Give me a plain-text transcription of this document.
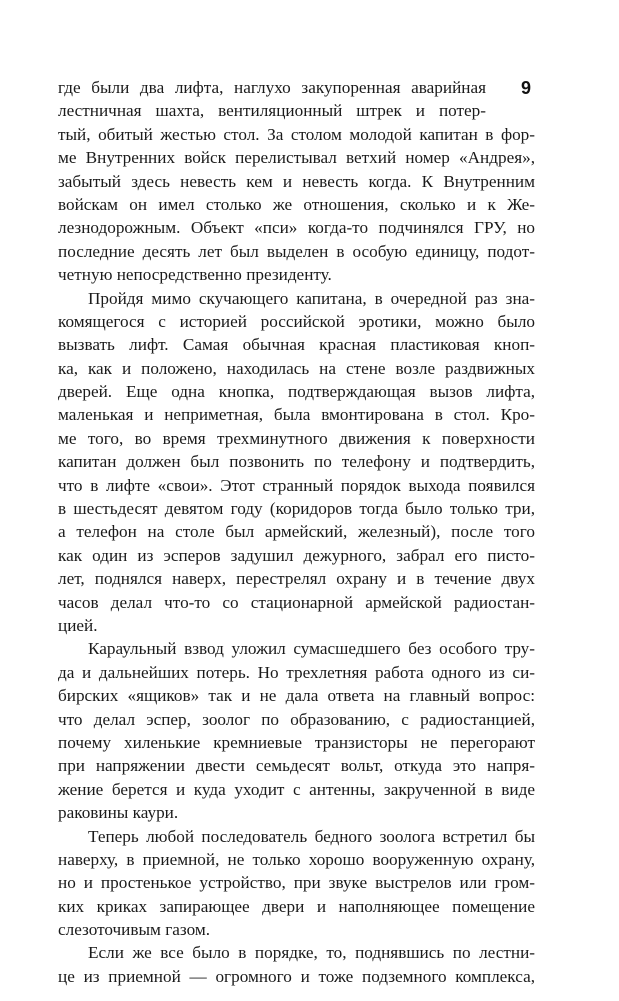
9

где были два лифта, наглухо закупоренная аварийная
лестничная шахта, вентиляционный штрек и потер-
тый, обитый жестью стол. За столом молодой капитан в фор-
ме Внутренних войск перелистывал ветхий номер «Андрея»,
забытый здесь невесть кем и невесть когда. К Внутренним
войскам он имел столько же отношения, сколько и к Же-
лезнодорожным. Объект «пси» когда-то подчинялся ГРУ, но
последние десять лет был выделен в особую единицу, подот-
четную непосредственно президенту.

Пройдя мимо скучающего капитана, в очередной раз зна-
комящегося с историей российской эротики, можно было
вызвать лифт. Самая обычная красная пластиковая кноп-
ка, как и положено, находилась на стене возле раздвижных
дверей. Еще одна кнопка, подтверждающая вызов лифта,
маленькая и неприметная, была вмонтирована в стол. Кро-
ме того, во время трехминутного движения к поверхности
капитан должен был позвонить по телефону и подтвердить,
что в лифте «свои». Этот странный порядок выхода появился
в шестьдесят девятом году (коридоров тогда было только три,
а телефон на столе был армейский, железный), после того
как один из эсперов задушил дежурного, забрал его писто-
лет, поднялся наверх, перестрелял охрану и в течение двух
часов делал что-то со стационарной армейской радиостан-
цией.

Караульный взвод уложил сумасшедшего без особого тру-
да и дальнейших потерь. Но трехлетняя работа одного из си-
бирских «ящиков» так и не дала ответа на главный вопрос:
что делал эспер, зоолог по образованию, с радиостанцией,
почему хиленькие кремниевые транзисторы не перегорают
при напряжении двести семьдесят вольт, откуда это напря-
жение берется и куда уходит с антенны, закрученной в виде
раковины каури.

Теперь любой последователь бедного зоолога встретил бы
наверху, в приемной, не только хорошо вооруженную охрану,
но и простенькое устройство, при звуке выстрелов или гром-
ких криках запирающее двери и наполняющее помещение
слезоточивым газом.

Если же все было в порядке, то, поднявшись по лестни-
це из приемной — огромного и тоже подземного комплекса,
